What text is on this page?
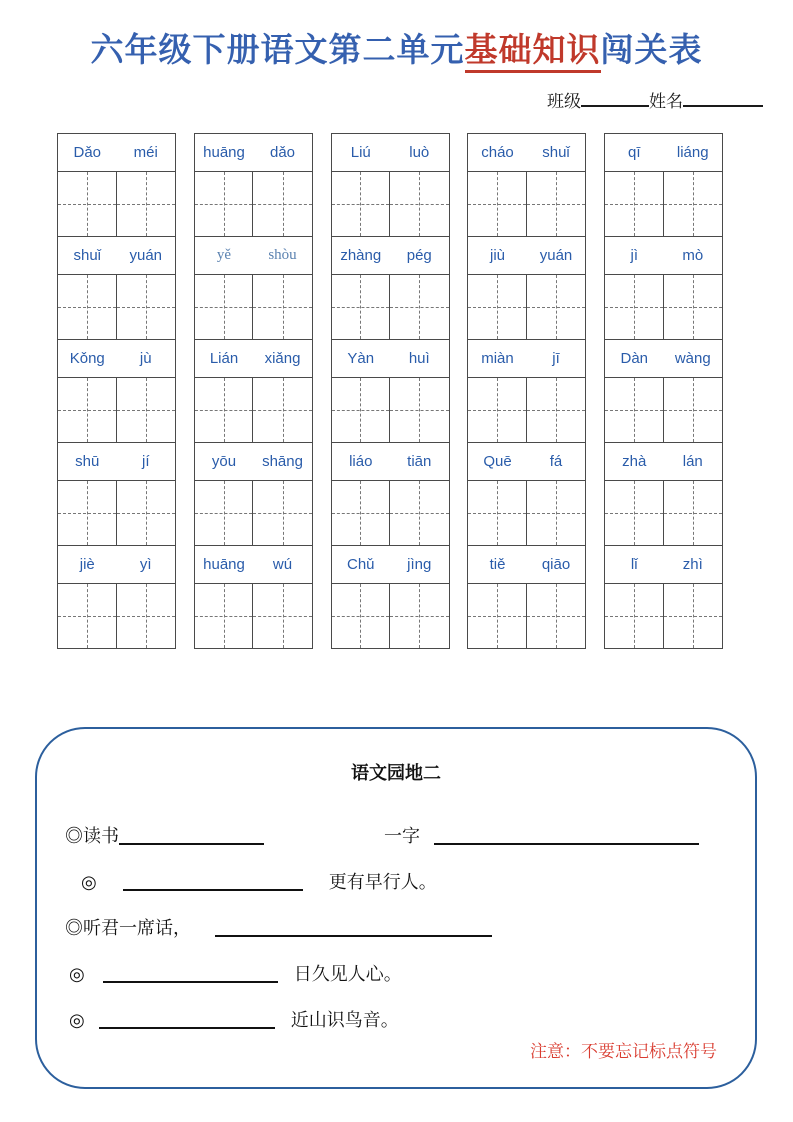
六年级下册语文第二单元基础知识闯关表
班级	姓名
Dǎo	méi
shuǐ	yuán
Kǒng	jù
shū	jí
jiè	yì
huāng	dǎo
yě	shòu
Lián	xiǎng
yōu	shāng
huāng	wú
Liú	luò
zhàng	pég
Yàn	huì
liáo	tiān
Chǔ	jìng
cháo	shuǐ
jiù	yuán
miàn	jī
Quē	fá
tiě	qiāo
qī	liáng
jì	mò
Dàn	wàng
zhà	lán
lǐ	zhì
语文园地二
◎读书	一字
◎	更有早行人。
◎听君一席话，
◎	日久见人心。
◎	近山识鸟音。
注意：不要忘记标点符号
